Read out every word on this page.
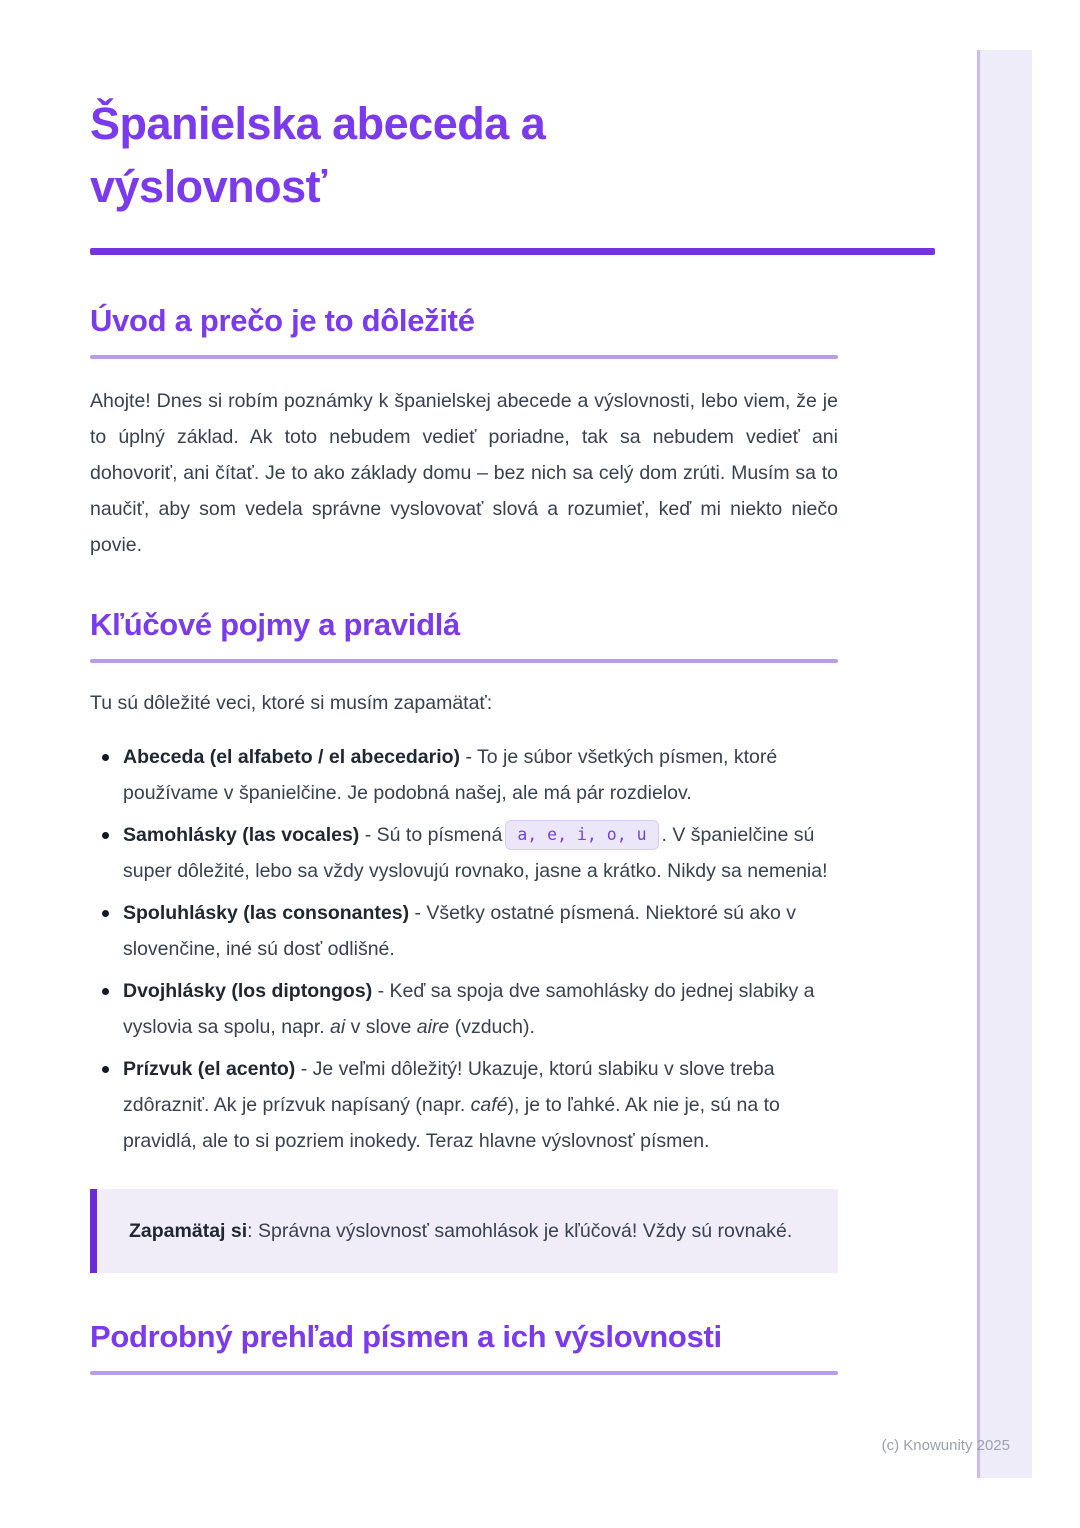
(c) Knowunity 2025
Španielska abeceda a výslovnosť
Úvod a prečo je to dôležité

Ahojte! Dnes si robím poznámky k španielskej abecede a výslovnosti, lebo viem, že je to úplný základ. Ak toto nebudem vedieť poriadne, tak sa nebudem vedieť ani dohovoriť, ani čítať. Je to ako základy domu – bez nich sa celý dom zrúti. Musím sa to naučiť, aby som vedela správne vyslovovať slová a rozumieť, keď mi niekto niečo povie.

Kľúčové pojmy a pravidlá

Tu sú dôležité veci, ktoré si musím zapamätať:

Abeceda (el alfabeto / el abecedario) - To je súbor všetkých písmen, ktoré používame v španielčine. Je podobná našej, ale má pár rozdielov.
Samohlásky (las vocales) - Sú to písmená a, e, i, o, u . V španielčine sú super dôležité, lebo sa vždy vyslovujú rovnako, jasne a krátko. Nikdy sa nemenia!
Spoluhlásky (las consonantes) - Všetky ostatné písmená. Niektoré sú ako v slovenčine, iné sú dosť odlišné.
Dvojhlásky (los diptongos) - Keď sa spoja dve samohlásky do jednej slabiky a vyslovia sa spolu, napr. ai v slove aire (vzduch).
Prízvuk (el acento) - Je veľmi dôležitý! Ukazuje, ktorú slabiku v slove treba zdôrazniť. Ak je prízvuk napísaný (napr. café), je to ľahké. Ak nie je, sú na to pravidlá, ale to si pozriem inokedy. Teraz hlavne výslovnosť písmen.
Zapamätaj si: Správna výslovnosť samohlások je kľúčová! Vždy sú rovnaké.
Podrobný prehľad písmen a ich výslovnosti
